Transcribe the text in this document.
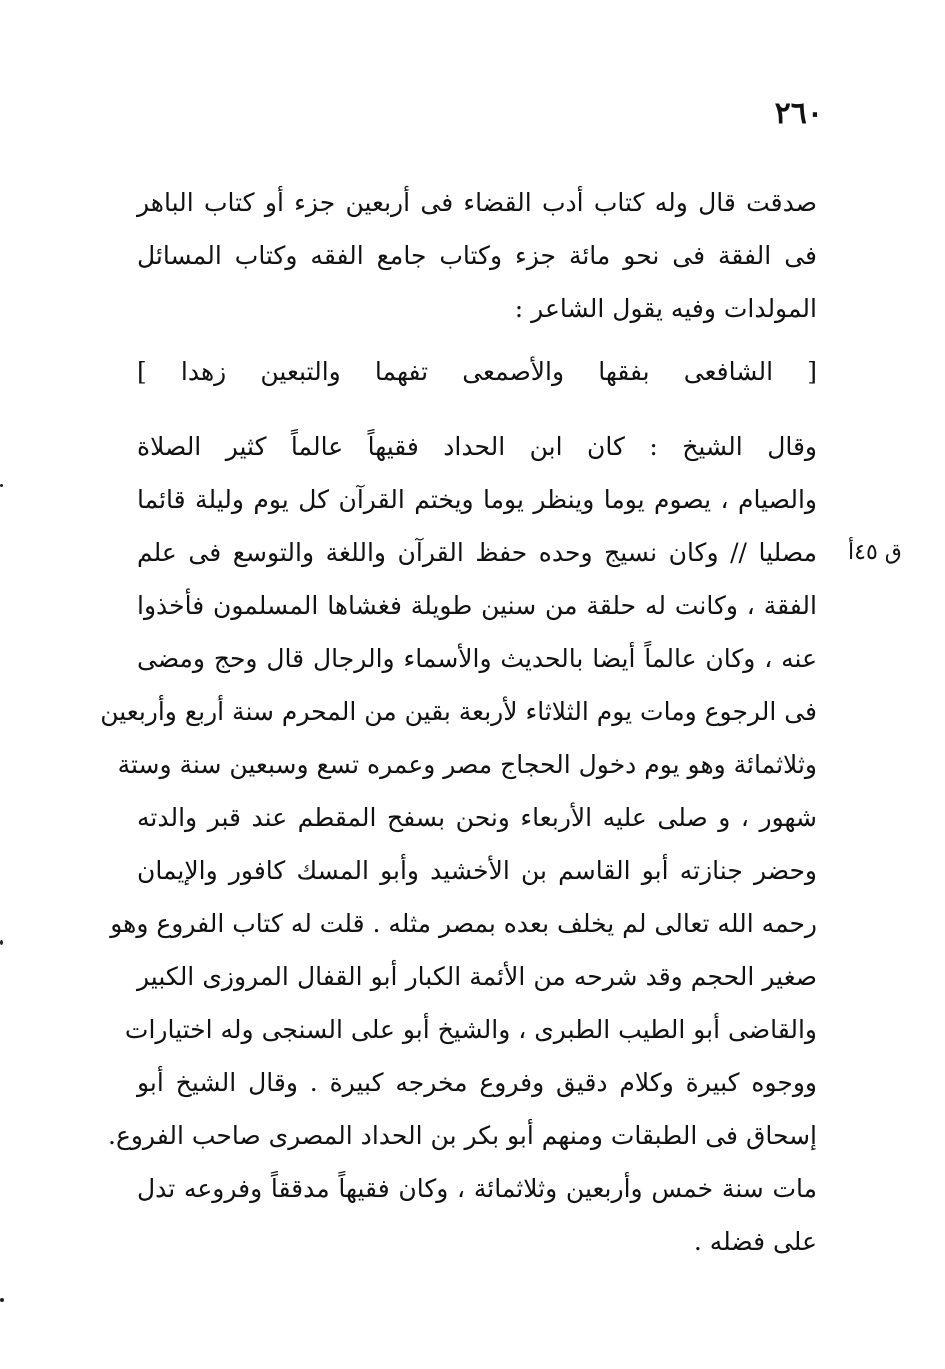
٢٦٠
ق ٤٥أ
صدقت قال وله كتاب أدب القضاء فى أربعين جزء أو كتاب الباهر
فى الفقة فى نحو مائة جزء وكتاب جامع الفقه وكتاب المسائل
المولدات وفيه يقول الشاعر :
[ الشافعى بفقها والأصمعى تفهما والتبعين زهدا ]
وقال الشيخ : كان ابن الحداد فقيهاً عالماً كثير الصلاة
والصيام ، يصوم يوما وينظر يوما ويختم القرآن كل يوم وليلة قائما
مصليا // وكان نسيج وحده حفظ القرآن واللغة والتوسع فى علم
الفقة ، وكانت له حلقة من سنين طويلة فغشاها المسلمون فأخذوا
عنه ، وكان عالماً أيضا بالحديث والأسماء والرجال قال وحج ومضى
فى الرجوع ومات يوم الثلاثاء لأربعة بقين من المحرم سنة أربع وأربعين
وثلاثمائة وهو يوم دخول الحجاج مصر وعمره تسع وسبعين سنة وستة
شهور ، و صلى عليه الأربعاء ونحن بسفح المقطم عند قبر والدته
وحضر جنازته أبو القاسم بن الأخشيد وأبو المسك كافور والإيمان
رحمه الله تعالى لم يخلف بعده بمصر مثله . قلت له كتاب الفروع وهو
صغير الحجم وقد شرحه من الأئمة الكبار أبو القفال المروزى الكبير
والقاضى أبو الطيب الطبرى ، والشيخ أبو على السنجى وله اختيارات
ووجوه كبيرة وكلام دقيق وفروع مخرجه كبيرة . وقال الشيخ أبو
إسحاق فى الطبقات ومنهم أبو بكر بن الحداد المصرى صاحب الفروع.
مات سنة خمس وأربعين وثلاثمائة ، وكان فقيهاً مدققاً وفروعه تدل
على فضله .
